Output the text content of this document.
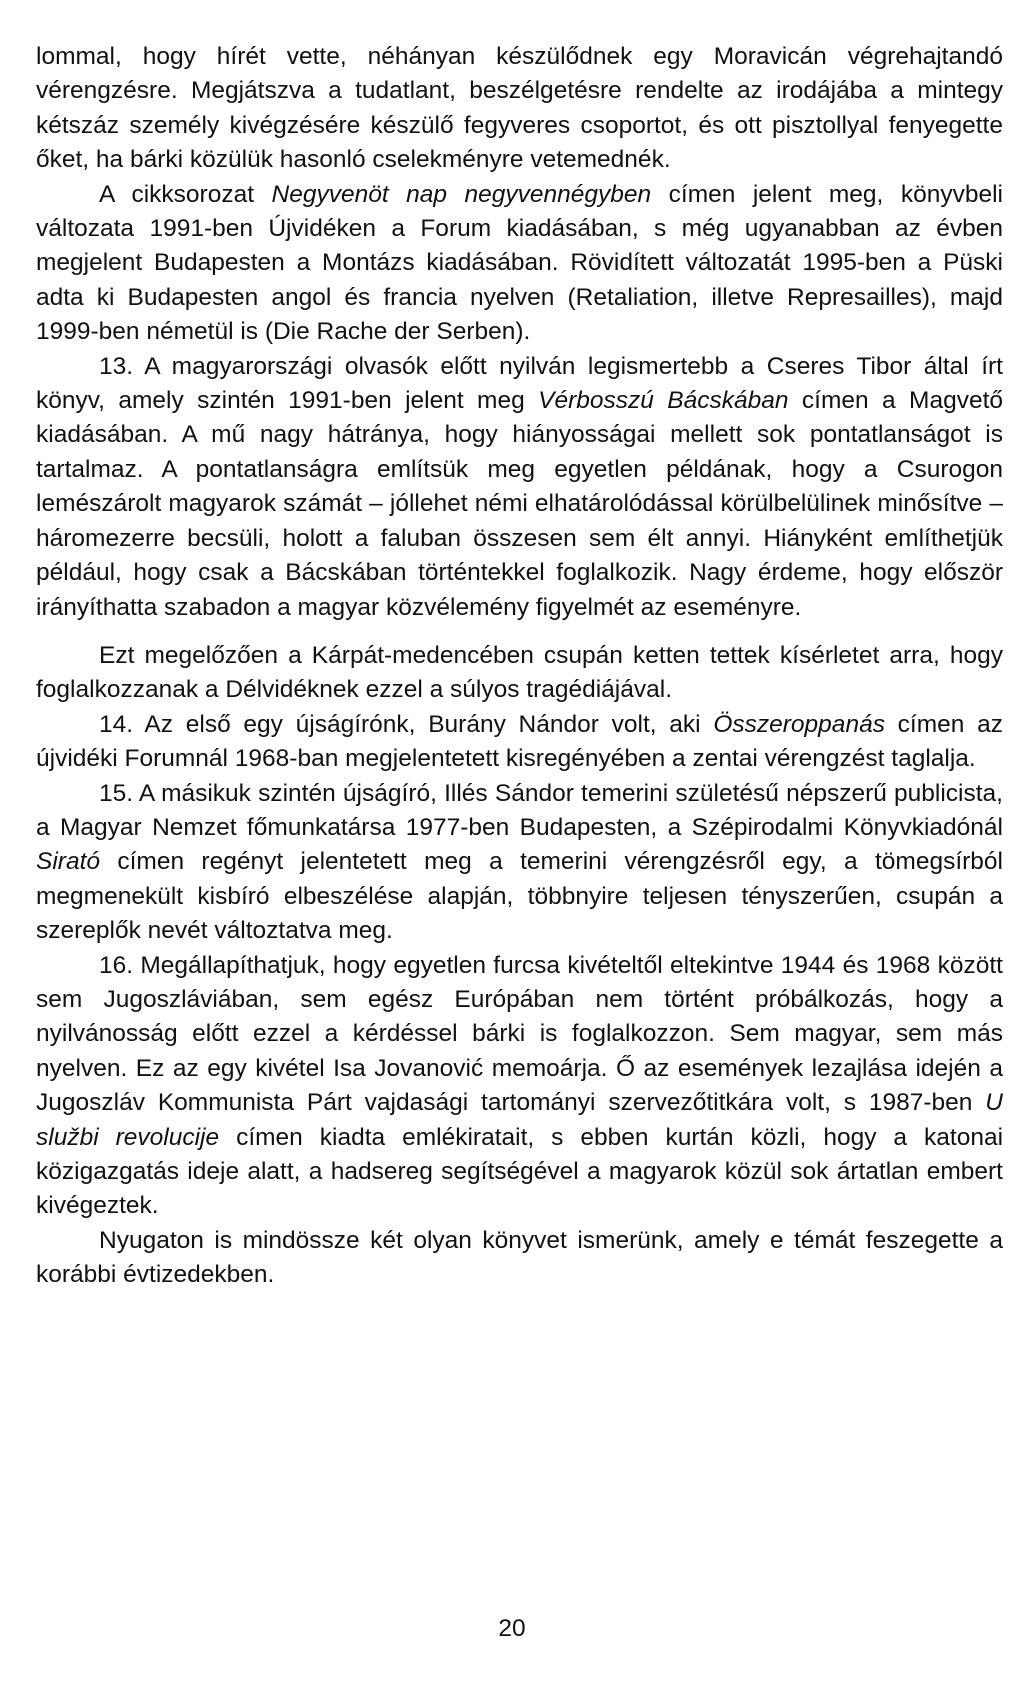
lommal, hogy hírét vette, néhányan készülődnek egy Moravicán végrehajtandó vérengzésre. Megjátszva a tudatlant, beszélgetésre rendelte az irodájába a mintegy kétszáz személy kivégzésére készülő fegyveres csoportot, és ott pisztollyal fenyegette őket, ha bárki közülük hasonló cselekményre vetemednék.

A cikksorozat Negyvenöt nap negyvennégyben címen jelent meg, könyvbeli változata 1991-ben Újvidéken a Forum kiadásában, s még ugyanabban az évben megjelent Budapesten a Montázs kiadásában. Rövidített változatát 1995-ben a Püski adta ki Budapesten angol és francia nyelven (Retaliation, illetve Represailles), majd 1999-ben németül is (Die Rache der Serben).

13. A magyarországi olvasók előtt nyilván legismertebb a Cseres Tibor által írt könyv, amely szintén 1991-ben jelent meg Vérbosszú Bácskában címen a Magvető kiadásában. A mű nagy hátránya, hogy hiányosságai mellett sok pontatlanságot is tartalmaz. A pontatlanságra említsük meg egyetlen példának, hogy a Csurogon lemészárolt magyarok számát – jóllehet némi elhatárolódással körülbelülinek minősítve – háromezerre becsüli, holott a faluban összesen sem élt annyi. Hiányként említhetjük például, hogy csak a Bácskában történtekkel foglalkozik. Nagy érdeme, hogy először irányíthatta szabadon a magyar közvélemény figyelmét az eseményre.

Ezt megelőzően a Kárpát-medencében csupán ketten tettek kísérletet arra, hogy foglalkozzanak a Délvidéknek ezzel a súlyos tragédiájával.

14. Az első egy újságírónk, Burány Nándor volt, aki Összeroppanás címen az újvidéki Forumnál 1968-ban megjelentetett kisregényében a zentai vérengzést taglalja.

15. A másikuk szintén újságíró, Illés Sándor temerini születésű népszerű publicista, a Magyar Nemzet főmunkatársa 1977-ben Budapesten, a Szépirodalmi Könyvkiadónál Sirató címen regényt jelentetett meg a temerini vérengzésről egy, a tömegsírból megmenekült kisbíró elbeszélése alapján, többnyire teljesen tényszerűen, csupán a szereplők nevét változtatva meg.

16. Megállapíthatjuk, hogy egyetlen furcsa kivételtől eltekintve 1944 és 1968 között sem Jugoszláviában, sem egész Európában nem történt próbálkozás, hogy a nyilvánosság előtt ezzel a kérdéssel bárki is foglalkozzon. Sem magyar, sem más nyelven. Ez az egy kivétel Isa Jovanović memoárja. Ő az események lezajlása idején a Jugoszláv Kommunista Párt vajdasági tartományi szervezőtitkára volt, s 1987-ben U službi revolucije címen kiadta emlékiratait, s ebben kurtán közli, hogy a katonai közigazgatás ideje alatt, a hadsereg segítségével a magyarok közül sok ártatlan embert kivégeztek.

Nyugaton is mindössze két olyan könyvet ismerünk, amely e témát feszegette a korábbi évtizedekben.

20
